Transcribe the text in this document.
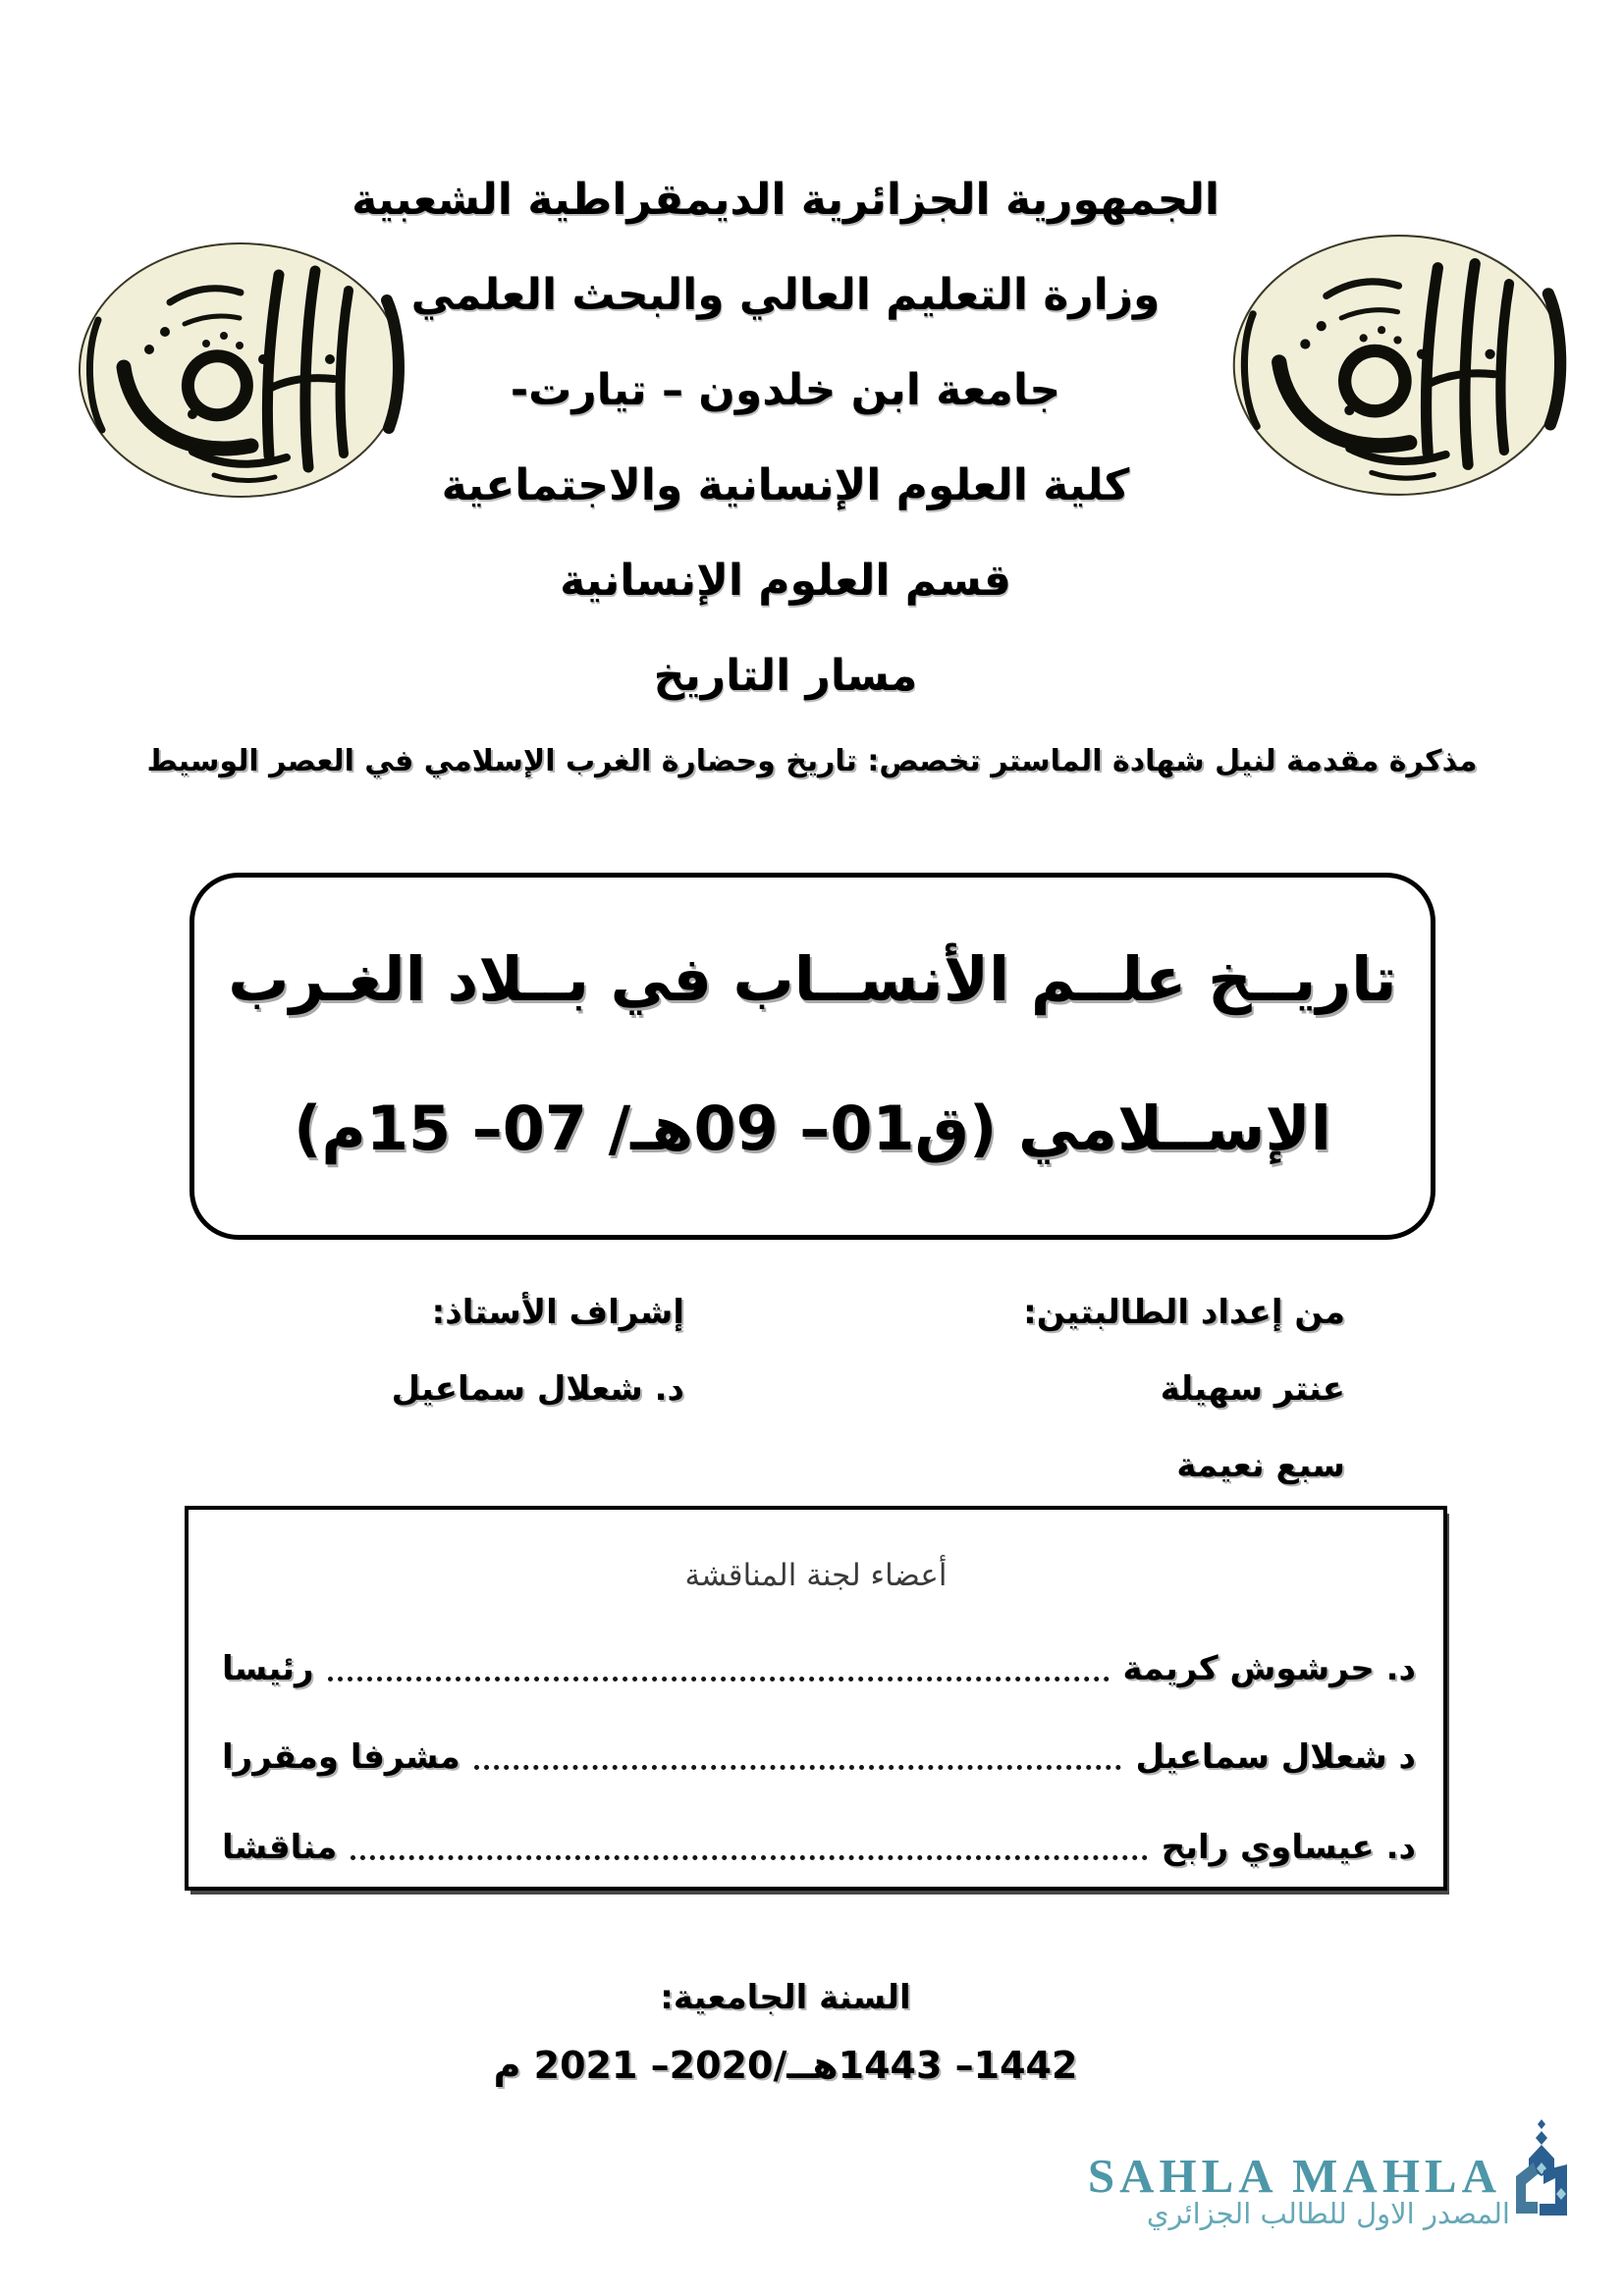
الجمهورية الجزائرية الديمقراطية الشعبية
وزارة التعليم العالي والبحث العلمي
جامعة ابن خلدون – تيارت-
كلية العلوم الإنسانية والاجتماعية
قسم العلوم الإنسانية
مسار التاريخ
مذكرة مقدمة لنيل شهادة الماستر تخصص: تاريخ وحضارة الغرب الإسلامي في العصر الوسيط
تاريــخ علــم الأنســاب في بــلاد الغـرب
الإســلامي (ق01– 09هـ/ 07– 15م)
من إعداد الطالبتين:
عنتر سهيلة
سبع نعيمة
إشراف الأستاذ:
د. شعلال سماعيل
أعضاء لجنة المناقشة
د. حرشوش كريمة
رئيسا
د شعلال سماعيل
مشرفا ومقررا
د. عيساوي رابح
مناقشا
السنة الجامعية:
1442– 1443هــ/2020– 2021 م
SAHLA MAHLA
المصدر الاول للطالب الجزائري
